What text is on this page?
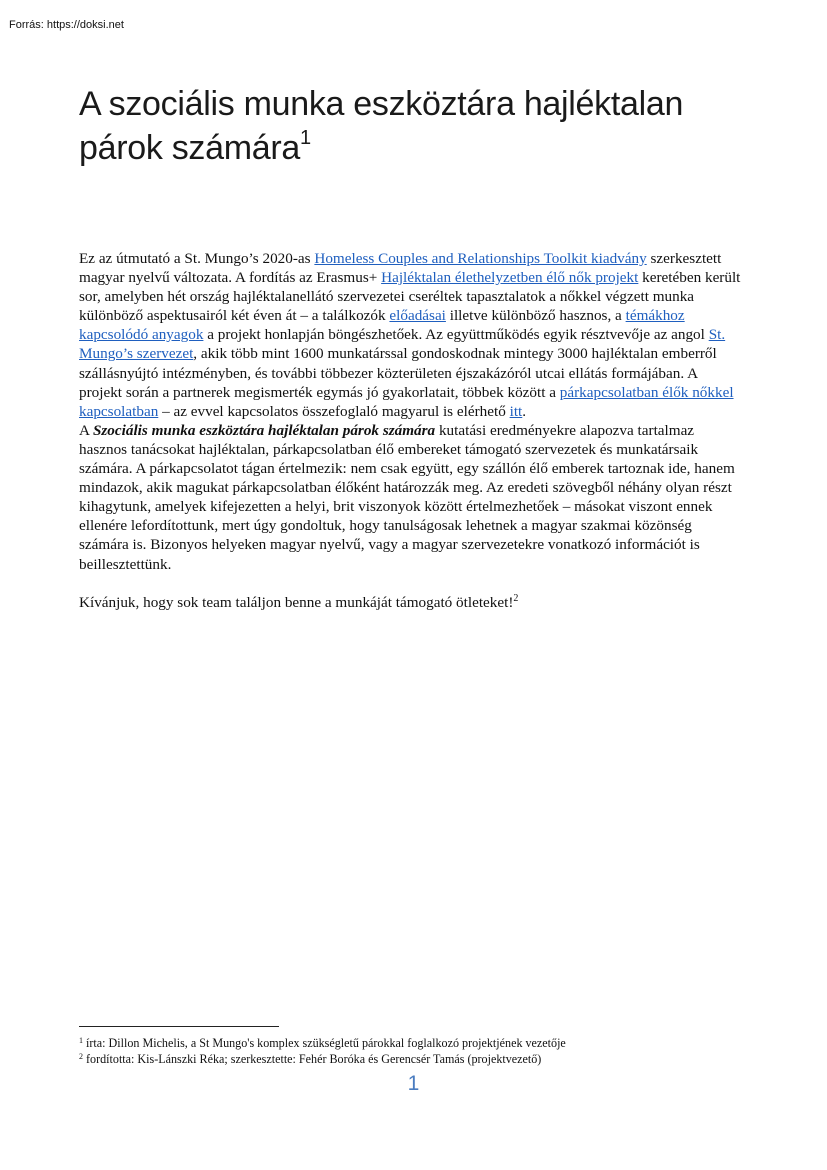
Forrás: https://doksi.net
A szociális munka eszköztára hajléktalan párok számára$^1$

Ez az útmutató a St. Mungo’s 2020-as Homeless Couples and Relationships Toolkit kiadvány szerkesztett magyar nyelvű változata. A fordítás az Erasmus+ Hajléktalan élethelyzetben élő nők projekt keretében került sor, amelyben hét ország hajléktalanellátó szervezetei cseréltek tapasztalatok a nőkkel végzett munka különböző aspektusairól két éven át – a találkozók előadásai illetve különböző hasznos, a témákhoz kapcsolódó anyagok a projekt honlapján böngészhetőek. Az együttműködés egyik résztvevője az angol St. Mungo’s szervezet, akik több mint 1600 munkatárssal gondoskodnak mintegy 3000 hajléktalan emberről szállásnyújtó intézményben, és további többezer közterületen éjszakázóról utcai ellátás formájában. A projekt során a partnerek megismerték egymás jó gyakorlatait, többek között a párkapcsolatban élők nőkkel kapcsolatban – az evvel kapcsolatos összefoglaló magyarul is elérhető itt.

A Szociális munka eszköztára hajléktalan párok számára kutatási eredményekre alapozva tartalmaz hasznos tanácsokat hajléktalan, párkapcsolatban élő embereket támogató szervezetek és munkatársaik számára. A párkapcsolatot tágan értelmezik: nem csak együtt, egy szállón élő emberek tartoznak ide, hanem mindazok, akik magukat párkapcsolatban élőként határozzák meg. Az eredeti szövegből néhány olyan részt kihagytunk, amelyek kifejezetten a helyi, brit viszonyok között értelmezhetőek – másokat viszont ennek ellenére lefordítottunk, mert úgy gondoltuk, hogy tanulságosak lehetnek a magyar szakmai közönség számára is. Bizonyos helyeken magyar nyelvű, vagy a magyar szervezetekre vonatkozó információt is beillesztettünk.

Kívánjuk, hogy sok team találjon benne a munkáját támogató ötleteket!$^2$

$^1$ írta: Dillon Michelis, a St Mungo's komplex szükségletű párokkal foglalkozó projektjének vezetője

$^2$ fordította: Kis-Lánszki Réka; szerkesztette: Fehér Boróka és Gerencsér Tamás (projektvezető)

1
